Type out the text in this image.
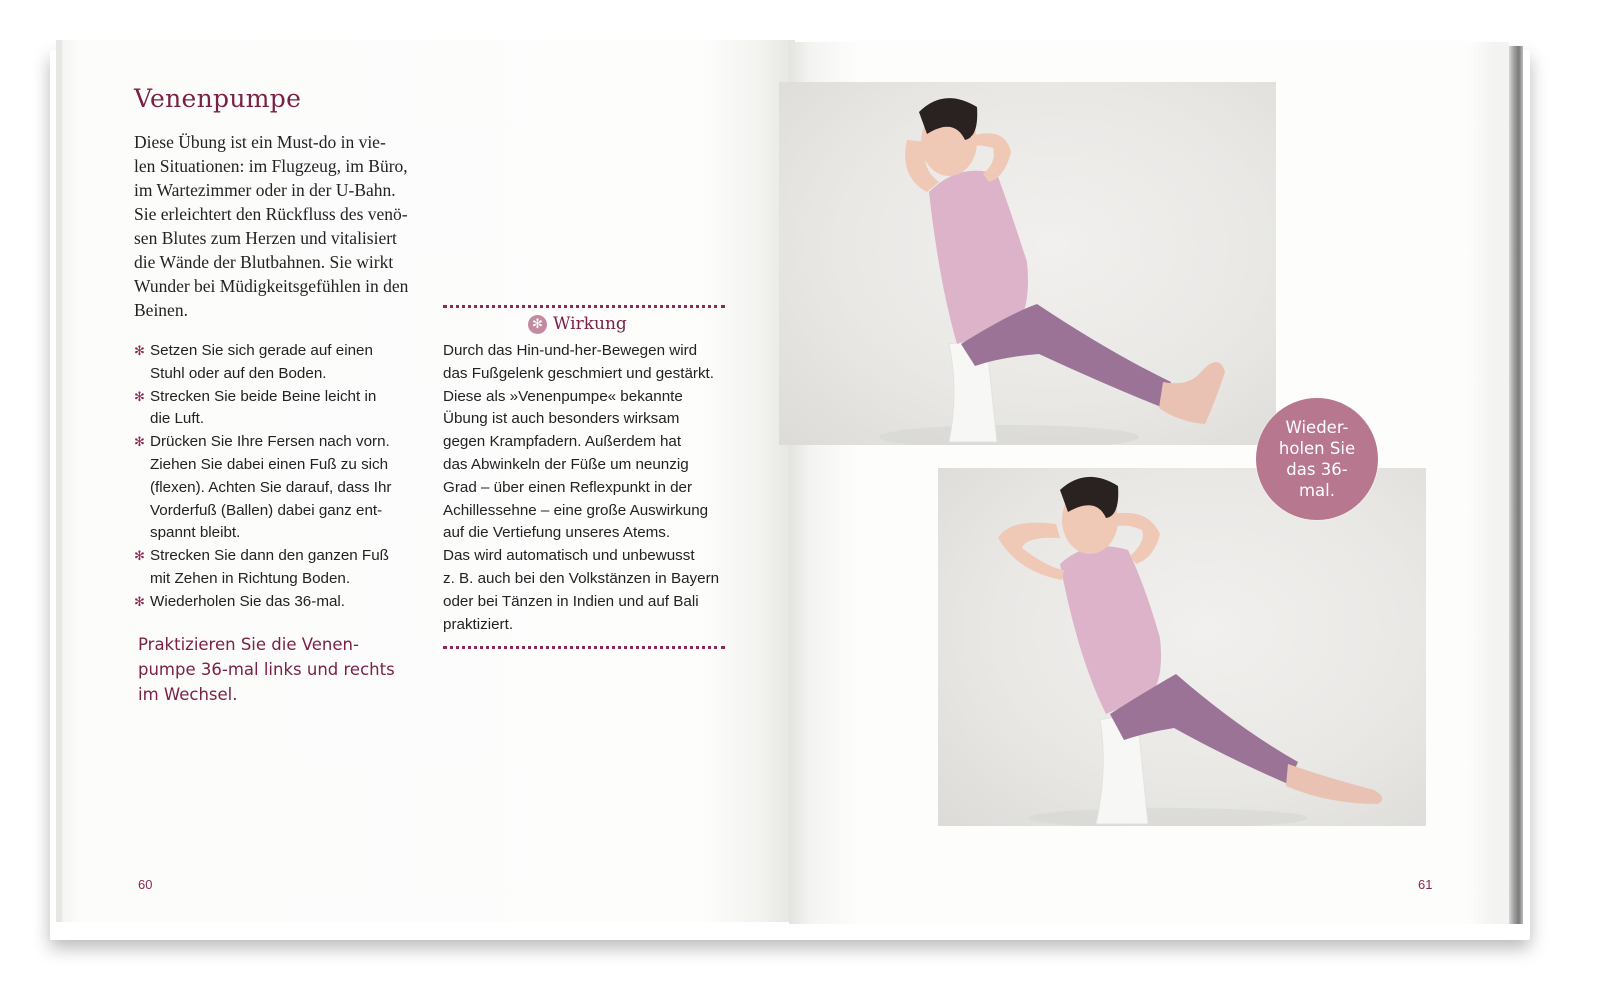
Venenpumpe
Diese Übung ist ein Must-do in vie-
len Situationen: im Flugzeug, im Büro,
im Wartezimmer oder in der U-Bahn.
Sie erleichtert den Rückfluss des venö-
sen Blutes zum Herzen und vitalisiert
die Wände der Blutbahnen. Sie wirkt
Wunder bei Müdigkeitsgefühlen in den
Beinen.
✻ Setzen Sie sich gerade auf einen
Stuhl oder auf den Boden.
✻ Strecken Sie beide Beine leicht in
die Luft.
✻ Drücken Sie Ihre Fersen nach vorn.
Ziehen Sie dabei einen Fuß zu sich
(flexen). Achten Sie darauf, dass Ihr
Vorderfuß (Ballen) dabei ganz ent-
spannt bleibt.
✻ Strecken Sie dann den ganzen Fuß
mit Zehen in Richtung Boden.
✻ Wiederholen Sie das 36-mal.
Praktizieren Sie die Venen-
pumpe 36-mal links und rechts
im Wechsel.
✻ Wirkung
Durch das Hin-und-her-Bewegen wird
das Fußgelenk geschmiert und gestärkt.
Diese als »Venenpumpe« bekannte
Übung ist auch besonders wirksam
gegen Krampfadern. Außerdem hat
das Abwinkeln der Füße um neunzig
Grad – über einen Reflexpunkt in der
Achillessehne – eine große Auswirkung
auf die Vertiefung unseres Atems.
Das wird automatisch und unbewusst
z. B. auch bei den Volkstänzen in Bayern
oder bei Tänzen in Indien und auf Bali
praktiziert.
60
Wieder-
holen Sie
das 36-mal.
61
